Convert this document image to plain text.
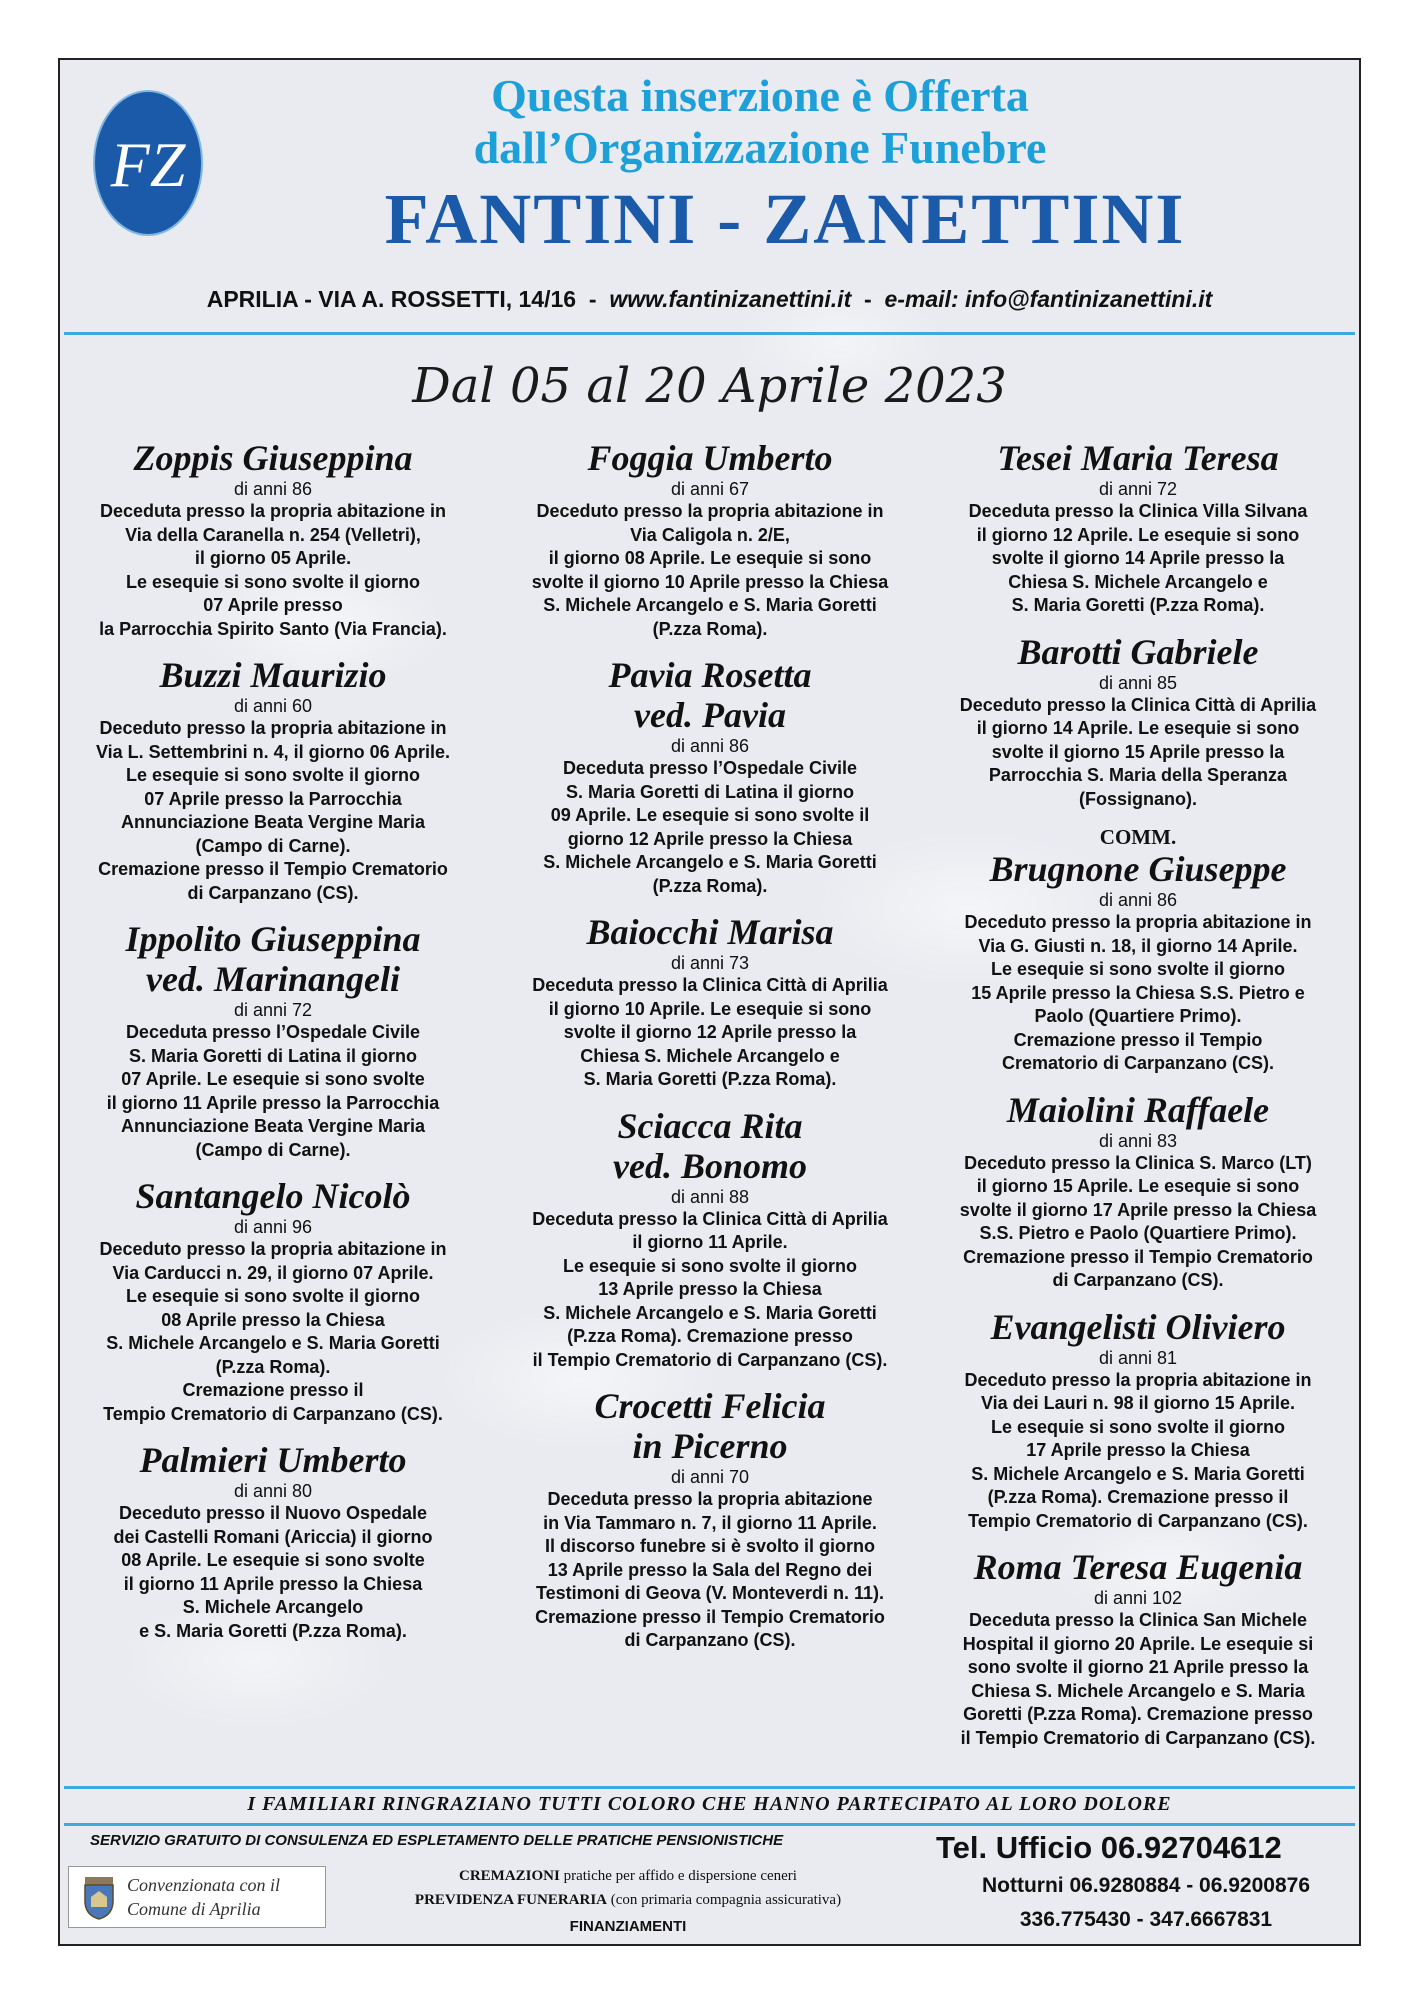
FZ
Questa inserzione è Offerta
dall’Organizzazione Funebre
FANTINI - ZANETTINI
APRILIA - VIA A. ROSSETTI, 14/16 - www.fantinizanettini.it - e-mail: info@fantinizanettini.it
Dal 05 al 20 Aprile 2023
Zoppis Giuseppina
di anni 86
Deceduta presso la propria abitazione in
Via della Caranella n. 254 (Velletri),
il giorno 05 Aprile.
Le esequie si sono svolte il giorno
07 Aprile presso
la Parrocchia Spirito Santo (Via Francia).
Buzzi Maurizio
di anni 60
Deceduto presso la propria abitazione in
Via L. Settembrini n. 4, il giorno 06 Aprile.
Le esequie si sono svolte il giorno
07 Aprile presso la Parrocchia
Annunciazione Beata Vergine Maria
(Campo di Carne).
Cremazione presso il Tempio Crematorio
di Carpanzano (CS).
Ippolito Giuseppina
ved. Marinangeli
di anni 72
Deceduta presso l’Ospedale Civile
S. Maria Goretti di Latina il giorno
07 Aprile. Le esequie si sono svolte
il giorno 11 Aprile presso la Parrocchia
Annunciazione Beata Vergine Maria
(Campo di Carne).
Santangelo Nicolò
di anni 96
Deceduto presso la propria abitazione in
Via Carducci n. 29, il giorno 07 Aprile.
Le esequie si sono svolte il giorno
08 Aprile presso la Chiesa
S. Michele Arcangelo e S. Maria Goretti
(P.zza Roma).
Cremazione presso il
Tempio Crematorio di Carpanzano (CS).
Palmieri Umberto
di anni 80
Deceduto presso il Nuovo Ospedale
dei Castelli Romani (Ariccia) il giorno
08 Aprile. Le esequie si sono svolte
il giorno 11 Aprile presso la Chiesa
S. Michele Arcangelo
e S. Maria Goretti (P.zza Roma).
Foggia Umberto
di anni 67
Deceduto presso la propria abitazione in
Via Caligola n. 2/E,
il giorno 08 Aprile. Le esequie si sono
svolte il giorno 10 Aprile presso la Chiesa
S. Michele Arcangelo e S. Maria Goretti
(P.zza Roma).
Pavia Rosetta
ved. Pavia
di anni 86
Deceduta presso l’Ospedale Civile
S. Maria Goretti di Latina il giorno
09 Aprile. Le esequie si sono svolte il
giorno 12 Aprile presso la Chiesa
S. Michele Arcangelo e S. Maria Goretti
(P.zza Roma).
Baiocchi Marisa
di anni 73
Deceduta presso la Clinica Città di Aprilia
il giorno 10 Aprile. Le esequie si sono
svolte il giorno 12 Aprile presso la
Chiesa S. Michele Arcangelo e
S. Maria Goretti (P.zza Roma).
Sciacca Rita
ved. Bonomo
di anni 88
Deceduta presso la Clinica Città di Aprilia
il giorno 11 Aprile.
Le esequie si sono svolte il giorno
13 Aprile presso la Chiesa
S. Michele Arcangelo e S. Maria Goretti
(P.zza Roma). Cremazione presso
il Tempio Crematorio di Carpanzano (CS).
Crocetti Felicia
in Picerno
di anni 70
Deceduta presso la propria abitazione
in Via Tammaro n. 7, il giorno 11 Aprile.
Il discorso funebre si è svolto il giorno
13 Aprile presso la Sala del Regno dei
Testimoni di Geova (V. Monteverdi n. 11).
Cremazione presso il Tempio Crematorio
di Carpanzano (CS).
Tesei Maria Teresa
di anni 72
Deceduta presso la Clinica Villa Silvana
il giorno 12 Aprile. Le esequie si sono
svolte il giorno 14 Aprile presso la
Chiesa S. Michele Arcangelo e
S. Maria Goretti (P.zza Roma).
Barotti Gabriele
di anni 85
Deceduto presso la Clinica Città di Aprilia
il giorno 14 Aprile. Le esequie si sono
svolte il giorno 15 Aprile presso la
Parrocchia S. Maria della Speranza
(Fossignano).
COMM.
Brugnone Giuseppe
di anni 86
Deceduto presso la propria abitazione in
Via G. Giusti n. 18, il giorno 14 Aprile.
Le esequie si sono svolte il giorno
15 Aprile presso la Chiesa S.S. Pietro e
Paolo (Quartiere Primo).
Cremazione presso il Tempio
Crematorio di Carpanzano (CS).
Maiolini Raffaele
di anni 83
Deceduto presso la Clinica S. Marco (LT)
il giorno 15 Aprile. Le esequie si sono
svolte il giorno 17 Aprile presso la Chiesa
S.S. Pietro e Paolo (Quartiere Primo).
Cremazione presso il Tempio Crematorio
di Carpanzano (CS).
Evangelisti Oliviero
di anni 81
Deceduto presso la propria abitazione in
Via dei Lauri n. 98 il giorno 15 Aprile.
Le esequie si sono svolte il giorno
17 Aprile presso la Chiesa
S. Michele Arcangelo e S. Maria Goretti
(P.zza Roma). Cremazione presso il
Tempio Crematorio di Carpanzano (CS).
Roma Teresa Eugenia
di anni 102
Deceduta presso la Clinica San Michele
Hospital il giorno 20 Aprile. Le esequie si
sono svolte il giorno 21 Aprile presso la
Chiesa S. Michele Arcangelo e S. Maria
Goretti (P.zza Roma). Cremazione presso
il Tempio Crematorio di Carpanzano (CS).
I FAMILIARI RINGRAZIANO TUTTI COLORO CHE HANNO PARTECIPATO AL LORO DOLORE
SERVIZIO GRATUITO DI CONSULENZA ED ESPLETAMENTO DELLE PRATICHE PENSIONISTICHE
Convenzionata con il
Comune di Aprilia
CREMAZIONI pratiche per affido e dispersione ceneri
PREVIDENZA FUNERARIA (con primaria compagnia assicurativa)
FINANZIAMENTI
Tel. Ufficio 06.92704612
Notturni 06.9280884 - 06.9200876
336.775430 - 347.6667831
